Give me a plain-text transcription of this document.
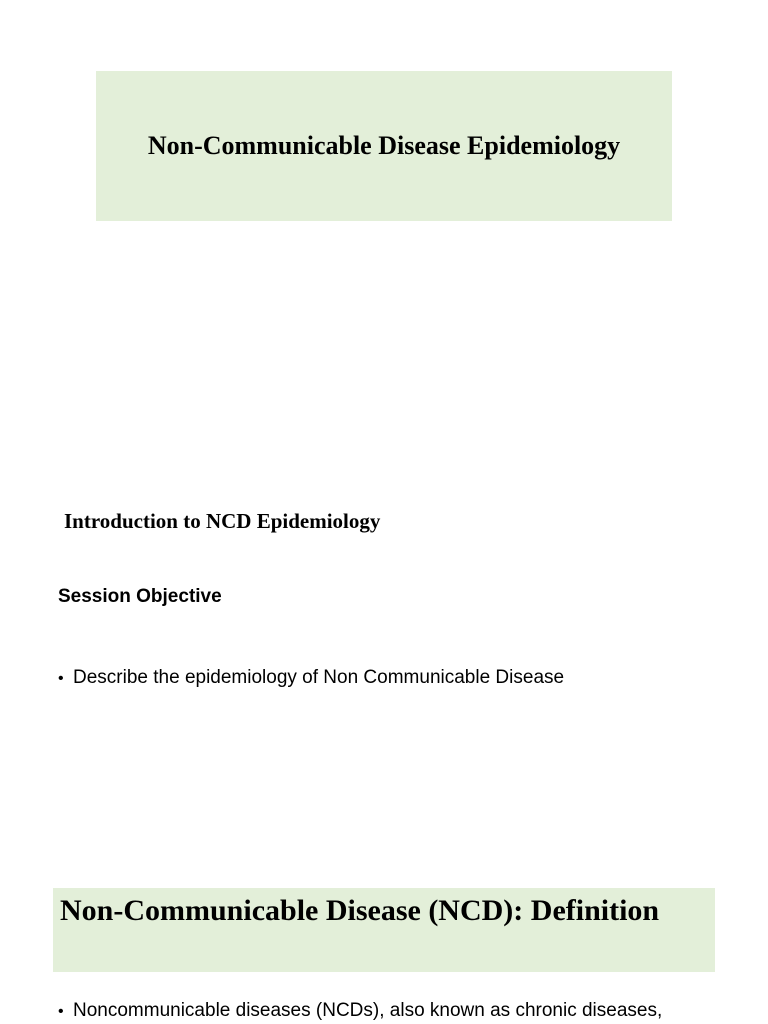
Non-Communicable Disease Epidemiology
Introduction to NCD Epidemiology
Session Objective
• Describe the epidemiology of Non Communicable Disease
Non-Communicable Disease (NCD): Definition
• Noncommunicable diseases (NCDs), also known as chronic diseases,
